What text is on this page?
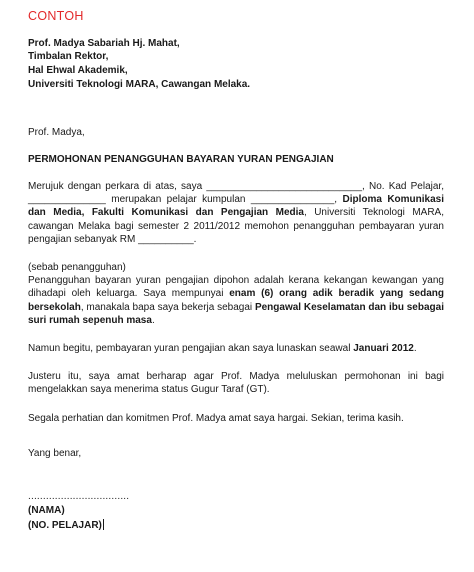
CONTOH
Prof. Madya Sabariah Hj. Mahat,
Timbalan Rektor,
Hal Ehwal Akademik,
Universiti Teknologi MARA, Cawangan Melaka.
Prof. Madya,
PERMOHONAN PENANGGUHAN BAYARAN YURAN PENGAJIAN

Merujuk dengan perkara di atas, saya ____________________________, No. Kad Pelajar, ______________ merupakan pelajar kumpulan _______________, Diploma Komunikasi dan Media, Fakulti Komunikasi dan Pengajian Media, Universiti Teknologi MARA, cawangan Melaka bagi semester 2 2011/2012 memohon penangguhan pembayaran yuran pengajian sebanyak RM __________.

(sebab penangguhan)

Penangguhan bayaran yuran pengajian dipohon adalah kerana kekangan kewangan yang dihadapi oleh keluarga. Saya mempunyai enam (6) orang adik beradik yang sedang bersekolah, manakala bapa saya bekerja sebagai Pengawal Keselamatan dan ibu sebagai suri rumah sepenuh masa.

Namun begitu, pembayaran yuran pengajian akan saya lunaskan seawal Januari 2012.

Justeru itu, saya amat berharap agar Prof. Madya meluluskan permohonan ini bagi mengelakkan saya menerima status Gugur Taraf (GT).

Segala perhatian dan komitmen Prof. Madya amat saya hargai. Sekian, terima kasih.

Yang benar,
..................................
(NAMA)
(NO. PELAJAR)
